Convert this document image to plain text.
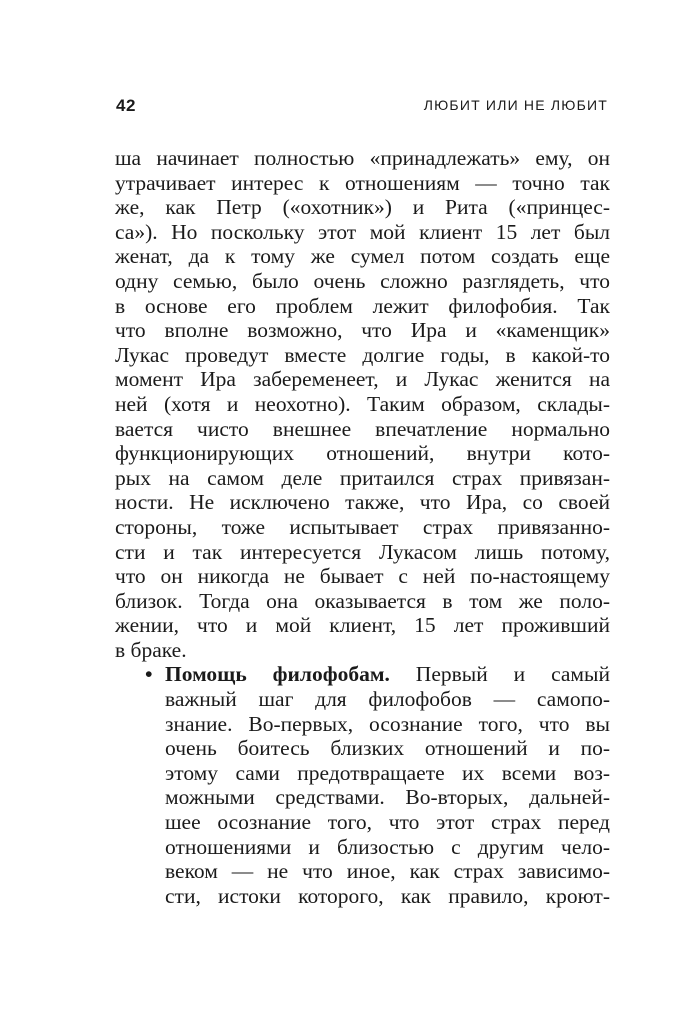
42	ЛЮБИТ ИЛИ НЕ ЛЮБИТ
ша начинает полностью «принадлежать» ему, он
утрачивает интерес к отношениям — точно так
же, как Петр («охотник») и Рита («принцес-
са»). Но поскольку этот мой клиент 15 лет был
женат, да к тому же сумел потом создать еще
одну семью, было очень сложно разглядеть, что
в основе его проблем лежит филофобия. Так
что вполне возможно, что Ира и «каменщик»
Лукас проведут вместе долгие годы, в какой-то
момент Ира забеременеет, и Лукас женится на
ней (хотя и неохотно). Таким образом, склады-
вается чисто внешнее впечатление нормально
функционирующих отношений, внутри кото-
рых на самом деле притаился страх привязан-
ности. Не исключено также, что Ира, со своей
стороны, тоже испытывает страх привязанно-
сти и так интересуется Лукасом лишь потому,
что он никогда не бывает с ней по-настоящему
близок. Тогда она оказывается в том же поло-
жении, что и мой клиент, 15 лет проживший
в браке.
• Помощь филофобам. Первый и самый
важный шаг для филофобов — самопо-
знание. Во-первых, осознание того, что вы
очень боитесь близких отношений и по-
этому сами предотвращаете их всеми воз-
можными средствами. Во-вторых, дальней-
шее осознание того, что этот страх перед
отношениями и близостью с другим чело-
веком — не что иное, как страх зависимо-
сти, истоки которого, как правило, кроют-
